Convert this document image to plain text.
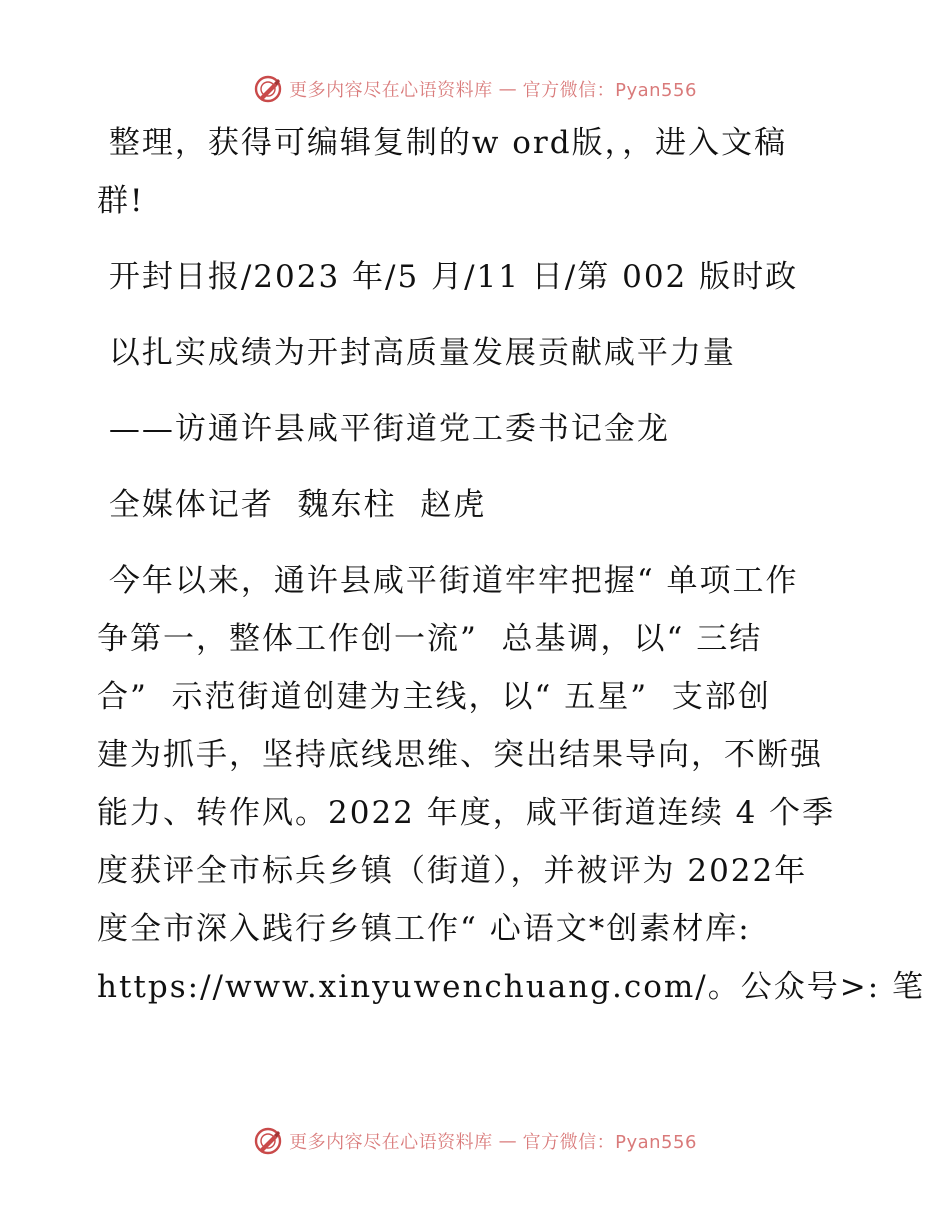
更多内容尽在心语资料库 — 官方微信：Pyan556
整理，获得可编辑复制的w ord版，，进入文稿
群!
开封日报/2023 年/5 月/11 日/第 002 版时政
以扎实成绩为开封高质量发展贡献咸平力量
——访通许县咸平街道党工委书记金龙
全媒体记者  魏东柱  赵虎
今年以来，通许县咸平街道牢牢把握“ 单项工作
争第一，整体工作创一流”  总基调，以“ 三结
合”  示范街道创建为主线，以“ 五星”  支部创
建为抓手，坚持底线思维、突出结果导向，不断强
能力、转作风。2022 年度，咸平街道连续 4 个季
度获评全市标兵乡镇（街道），并被评为 2022年
度全市深入践行乡镇工作“ 心语文*创素材库:
https://www.xinyuwenchuang.com/。公众号>: 笔
更多内容尽在心语资料库 — 官方微信：Pyan556
